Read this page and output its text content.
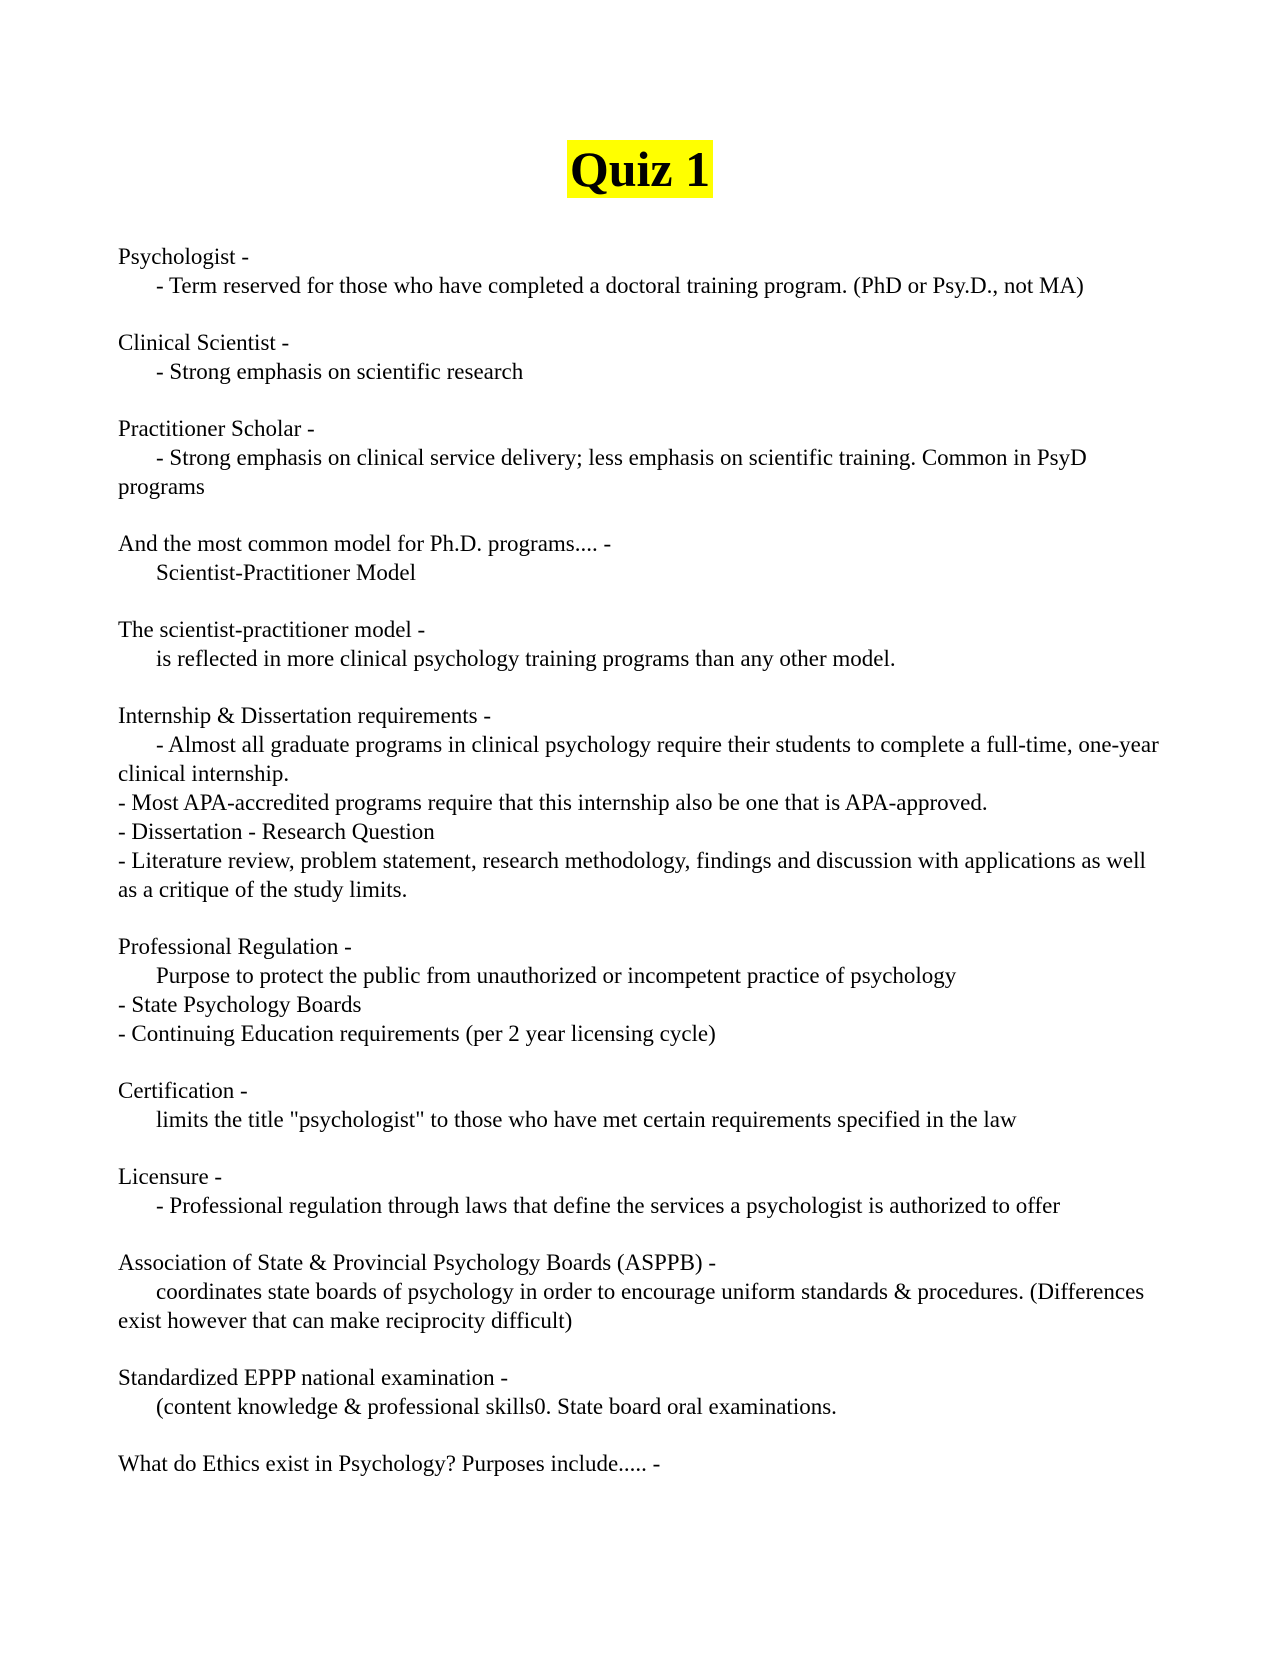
Quiz 1
Psychologist -
- Term reserved for those who have completed a doctoral training program. (PhD or Psy.D., not MA)
Clinical Scientist -
- Strong emphasis on scientific research
Practitioner Scholar -
- Strong emphasis on clinical service delivery; less emphasis on scientific training. Common in PsyD programs
And the most common model for Ph.D. programs.... -
Scientist-Practitioner Model
The scientist-practitioner model -
is reflected in more clinical psychology training programs than any other model.
Internship & Dissertation requirements -
- Almost all graduate programs in clinical psychology require their students to complete a full-time, one-year clinical internship.
- Most APA-accredited programs require that this internship also be one that is APA-approved.
- Dissertation - Research Question
- Literature review, problem statement, research methodology, findings and discussion with applications as well as a critique of the study limits.
Professional Regulation -
Purpose to protect the public from unauthorized or incompetent practice of psychology
- State Psychology Boards
- Continuing Education requirements (per 2 year licensing cycle)
Certification -
limits the title "psychologist" to those who have met certain requirements specified in the law
Licensure -
- Professional regulation through laws that define the services a psychologist is authorized to offer
Association of State & Provincial Psychology Boards (ASPPB) -
coordinates state boards of psychology in order to encourage uniform standards & procedures. (Differences exist however that can make reciprocity difficult)
Standardized EPPP national examination -
(content knowledge & professional skills0. State board oral examinations.
What do Ethics exist in Psychology? Purposes include..... -
